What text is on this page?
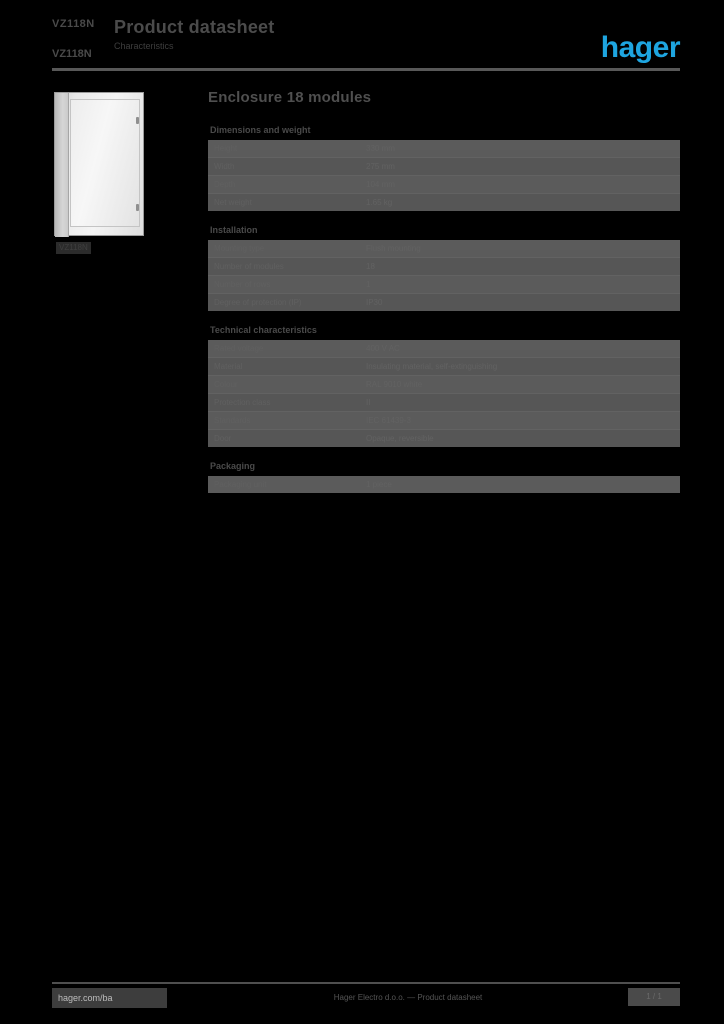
VZ118N Product datasheet
Characteristics
VZ118N	hager
VZ118N
Enclosure 18 modules
Dimensions and weight
Height	330 mm
Width	275 mm
Depth	104 mm
Net weight	1.65 kg
Installation
Mounting type	Flush mounting
Number of modules	18
Number of rows	1
Degree of protection (IP)	IP30
Technical characteristics
Rated voltage	400 V AC
Material	Insulating material, self-extinguishing
Colour	RAL 9010 white
Protection class	II
Standards	IEC 61439-3
Door	Opaque, reversible
Packaging
Packaging unit	1 piece
hager.com/ba	Hager Electro d.o.o. — Product datasheet	1 / 1
